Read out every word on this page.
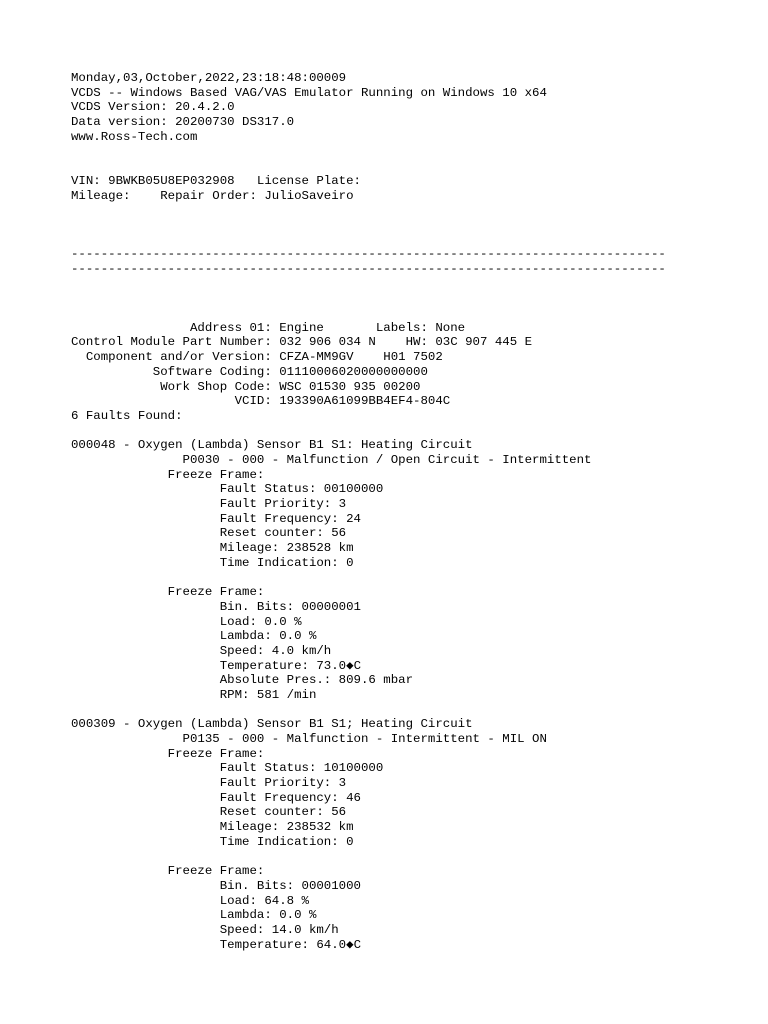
Monday,03,October,2022,23:18:48:00009
VCDS -- Windows Based VAG/VAS Emulator Running on Windows 10 x64
VCDS Version: 20.4.2.0
Data version: 20200730 DS317.0
www.Ross-Tech.com
VIN: 9BWKB05U8EP032908   License Plate:
Mileage:    Repair Order: JulioSaveiro
--------------------------------------------------------------------------------
--------------------------------------------------------------------------------
Address 01: Engine       Labels: None
Control Module Part Number: 032 906 034 N    HW: 03C 907 445 E
Component and/or Version: CFZA-MM9GV    H01 7502
Software Coding: 01110006020000000000
Work Shop Code: WSC 01530 935 00200
VCID: 193390A61099BB4EF4-804C
6 Faults Found:
000048 - Oxygen (Lambda) Sensor B1 S1: Heating Circuit
P0030 - 000 - Malfunction / Open Circuit - Intermittent
Freeze Frame:
Fault Status: 00100000
Fault Priority: 3
Fault Frequency: 24
Reset counter: 56
Mileage: 238528 km
Time Indication: 0
Freeze Frame:
Bin. Bits: 00000001
Load: 0.0 %
Lambda: 0.0 %
Speed: 4.0 km/h
Temperature: 73.0◆C
Absolute Pres.: 809.6 mbar
RPM: 581 /min
000309 - Oxygen (Lambda) Sensor B1 S1; Heating Circuit
P0135 - 000 - Malfunction - Intermittent - MIL ON
Freeze Frame:
Fault Status: 10100000
Fault Priority: 3
Fault Frequency: 46
Reset counter: 56
Mileage: 238532 km
Time Indication: 0
Freeze Frame:
Bin. Bits: 00001000
Load: 64.8 %
Lambda: 0.0 %
Speed: 14.0 km/h
Temperature: 64.0◆C
